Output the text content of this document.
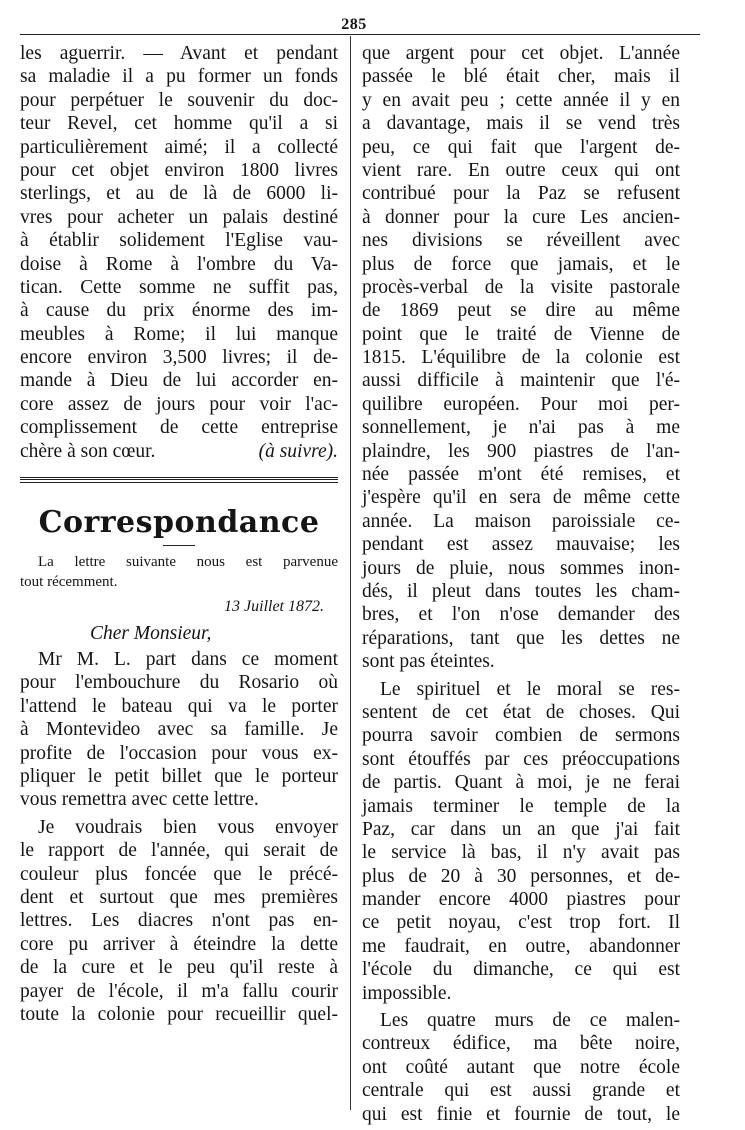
285
les aguerrir. — Avant et pendant
sa maladie il a pu former un fonds
pour perpétuer le souvenir du doc-
teur Revel, cet homme qu'il a si
particulièrement aimé; il a collecté
pour cet objet environ 1800 livres
sterlings, et au de là de 6000 li-
vres pour acheter un palais destiné
à établir solidement l'Eglise vau-
doise à Rome à l'ombre du Va-
tican. Cette somme ne suffit pas,
à cause du prix énorme des im-
meubles à Rome; il lui manque
encore environ 3,500 livres; il de-
mande à Dieu de lui accorder en-
core assez de jours pour voir l'ac-
complissement de cette entreprise
chère à son cœur.	(à suivre).
Correspondance
La lettre suivante nous est parvenue
tout récemment.
13 Juillet 1872.
Cher Monsieur,
Mr M. L. part dans ce moment
pour l'embouchure du Rosario où
l'attend le bateau qui va le porter
à Montevideo avec sa famille. Je
profite de l'occasion pour vous ex-
pliquer le petit billet que le porteur
vous remettra avec cette lettre.
Je voudrais bien vous envoyer
le rapport de l'année, qui serait de
couleur plus foncée que le précé-
dent et surtout que mes premières
lettres. Les diacres n'ont pas en-
core pu arriver à éteindre la dette
de la cure et le peu qu'il reste à
payer de l'école, il m'a fallu courir
toute la colonie pour recueillir quel-
que argent pour cet objet. L'année
passée le blé était cher, mais il
y en avait peu ; cette année il y en
a davantage, mais il se vend très
peu, ce qui fait que l'argent de-
vient rare. En outre ceux qui ont
contribué pour la Paz se refusent
à donner pour la cure Les ancien-
nes divisions se réveillent avec
plus de force que jamais, et le
procès-verbal de la visite pastorale
de 1869 peut se dire au même
point que le traité de Vienne de
1815. L'équilibre de la colonie est
aussi difficile à maintenir que l'é-
quilibre européen. Pour moi per-
sonnellement, je n'ai pas à me
plaindre, les 900 piastres de l'an-
née passée m'ont été remises, et
j'espère qu'il en sera de même cette
année. La maison paroissiale ce-
pendant est assez mauvaise; les
jours de pluie, nous sommes inon-
dés, il pleut dans toutes les cham-
bres, et l'on n'ose demander des
réparations, tant que les dettes ne
sont pas éteintes.
Le spirituel et le moral se res-
sentent de cet état de choses. Qui
pourra savoir combien de sermons
sont étouffés par ces préoccupations
de partis. Quant à moi, je ne ferai
jamais terminer le temple de la
Paz, car dans un an que j'ai fait
le service là bas, il n'y avait pas
plus de 20 à 30 personnes, et de-
mander encore 4000 piastres pour
ce petit noyau, c'est trop fort. Il
me faudrait, en outre, abandonner
l'école du dimanche, ce qui est
impossible.
Les quatre murs de ce malen-
contreux édifice, ma bête noire,
ont coûté autant que notre école
centrale qui est aussi grande et
qui est finie et fournie de tout, le
